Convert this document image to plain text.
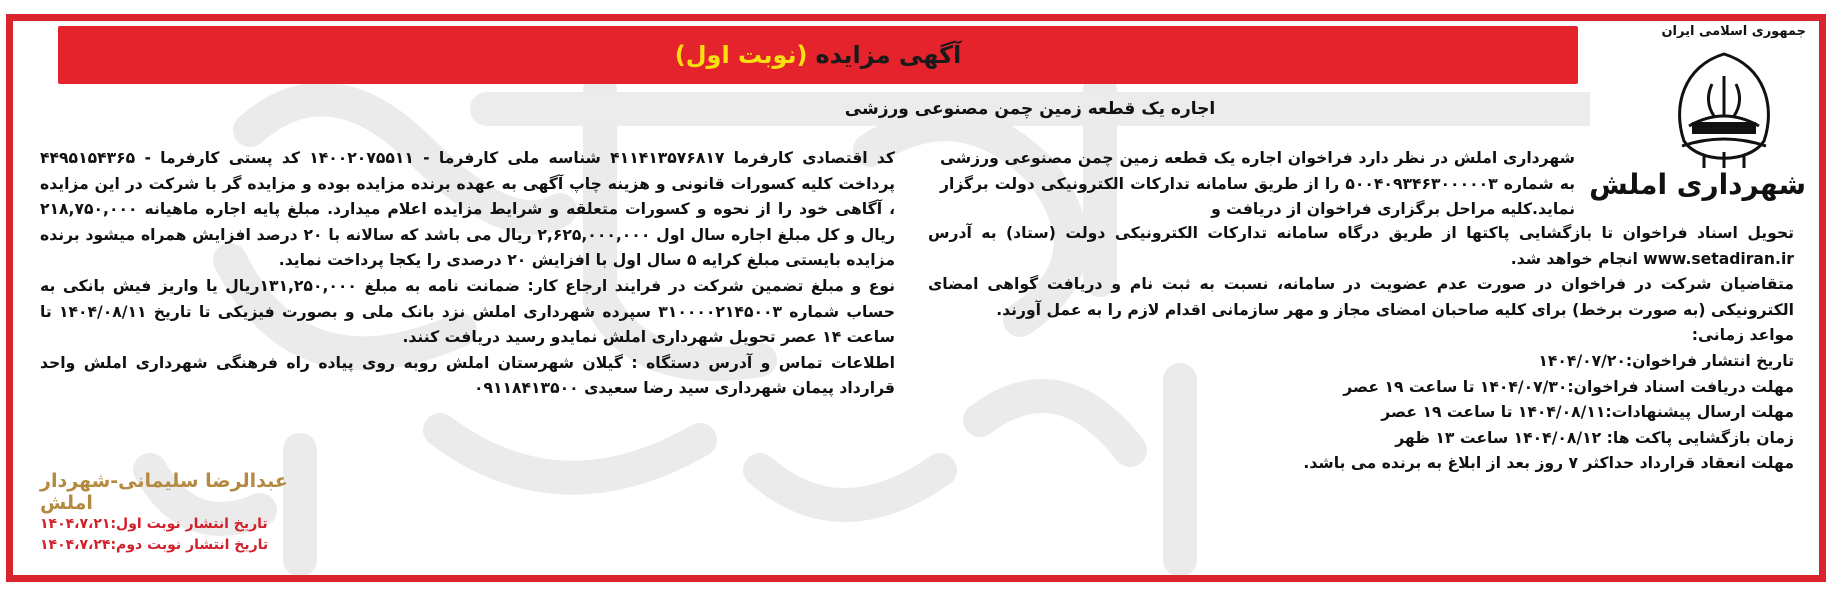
آگهی مزایده
(نوبت اول)
اجاره یک قطعه زمین چمن مصنوعی ورزشی
جمهوری اسلامی ایران
شهرداری املش

شهرداری املش در نظر دارد فراخوان اجاره یک قطعه زمین چمن مصنوعی ورزشی به شماره ۵۰۰۴۰۹۳۴۶۳۰۰۰۰۰۳ را از طریق سامانه تدارکات الکترونیکی دولت برگزار نماید.کلیه مراحل برگزاری فراخوان از دریافت و

تحویل اسناد فراخوان تا بازگشایی پاکتها از طریق درگاه سامانه تدارکات الکترونیکی دولت (ستاد) به آدرس www.setadiran.ir انجام خواهد شد.

متقاضیان شرکت در فراخوان در صورت عدم عضویت در سامانه، نسبت به ثبت نام و دریافت گواهی امضای الکترونیکی (به صورت برخط) برای کلیه صاحبان امضای مجاز و مهر سازمانی اقدام لازم را به عمل آورند.

مواعد زمانی:

تاریخ انتشار فراخوان:۱۴۰۴/۰۷/۲۰

مهلت دریافت اسناد فراخوان:۱۴۰۴/۰۷/۳۰ تا ساعت ۱۹ عصر

مهلت ارسال پیشنهادات:۱۴۰۴/۰۸/۱۱ تا ساعت ۱۹ عصر

زمان بازگشایی پاکت ها: ۱۴۰۴/۰۸/۱۲ ساعت ۱۳ ظهر

مهلت انعقاد قرارداد حداکثر ۷ روز بعد از ابلاغ به برنده می باشد.

کد اقتصادی کارفرما ۴۱۱۴۱۳۵۷۶۸۱۷ شناسه ملی کارفرما - ۱۴۰۰۲۰۷۵۵۱۱ کد پستی کارفرما - ۴۴۹۵۱۵۴۳۶۵ پرداخت کلیه کسورات قانونی و هزینه چاپ آگهی به عهده برنده مزایده بوده و مزایده گر با شرکت در این مزایده ، آگاهی خود را از نحوه و کسورات متعلقه و شرایط مزایده اعلام میدارد. مبلغ پایه اجاره ماهیانه ۲۱۸,۷۵۰,۰۰۰ ریال و کل مبلغ اجاره سال اول ۲,۶۲۵,۰۰۰,۰۰۰ ریال می باشد که سالانه با ۲۰ درصد افزایش همراه میشود برنده مزایده بایستی مبلغ کرایه ۵ سال اول با افزایش ۲۰ درصدی را یکجا پرداخت نماید.

نوع و مبلغ تضمین شرکت در فرایند ارجاع کار: ضمانت نامه به مبلغ ۱۳۱,۲۵۰,۰۰۰ریال یا واریز فیش بانکی به حساب شماره ۳۱۰۰۰۰۲۱۴۵۰۰۳ سپرده شهرداری املش نزد بانک ملی و بصورت فیزیکی تا تاریخ ۱۴۰۴/۰۸/۱۱ تا ساعت ۱۴ عصر تحویل شهرداری املش نمایدو رسید دریافت کنند.

اطلاعات تماس و آدرس دستگاه : گیلان شهرستان املش روبه روی پیاده راه فرهنگی شهرداری املش واحد قرارداد پیمان شهرداری سید رضا سعیدی ۰۹۱۱۸۴۱۳۵۰۰

عبدالرضا سلیمانی-شهردار املش
تاریخ انتشار نوبت اول:۱۴۰۴،۷،۲۱
تاریخ انتشار نوبت دوم:۱۴۰۴،۷،۲۴
